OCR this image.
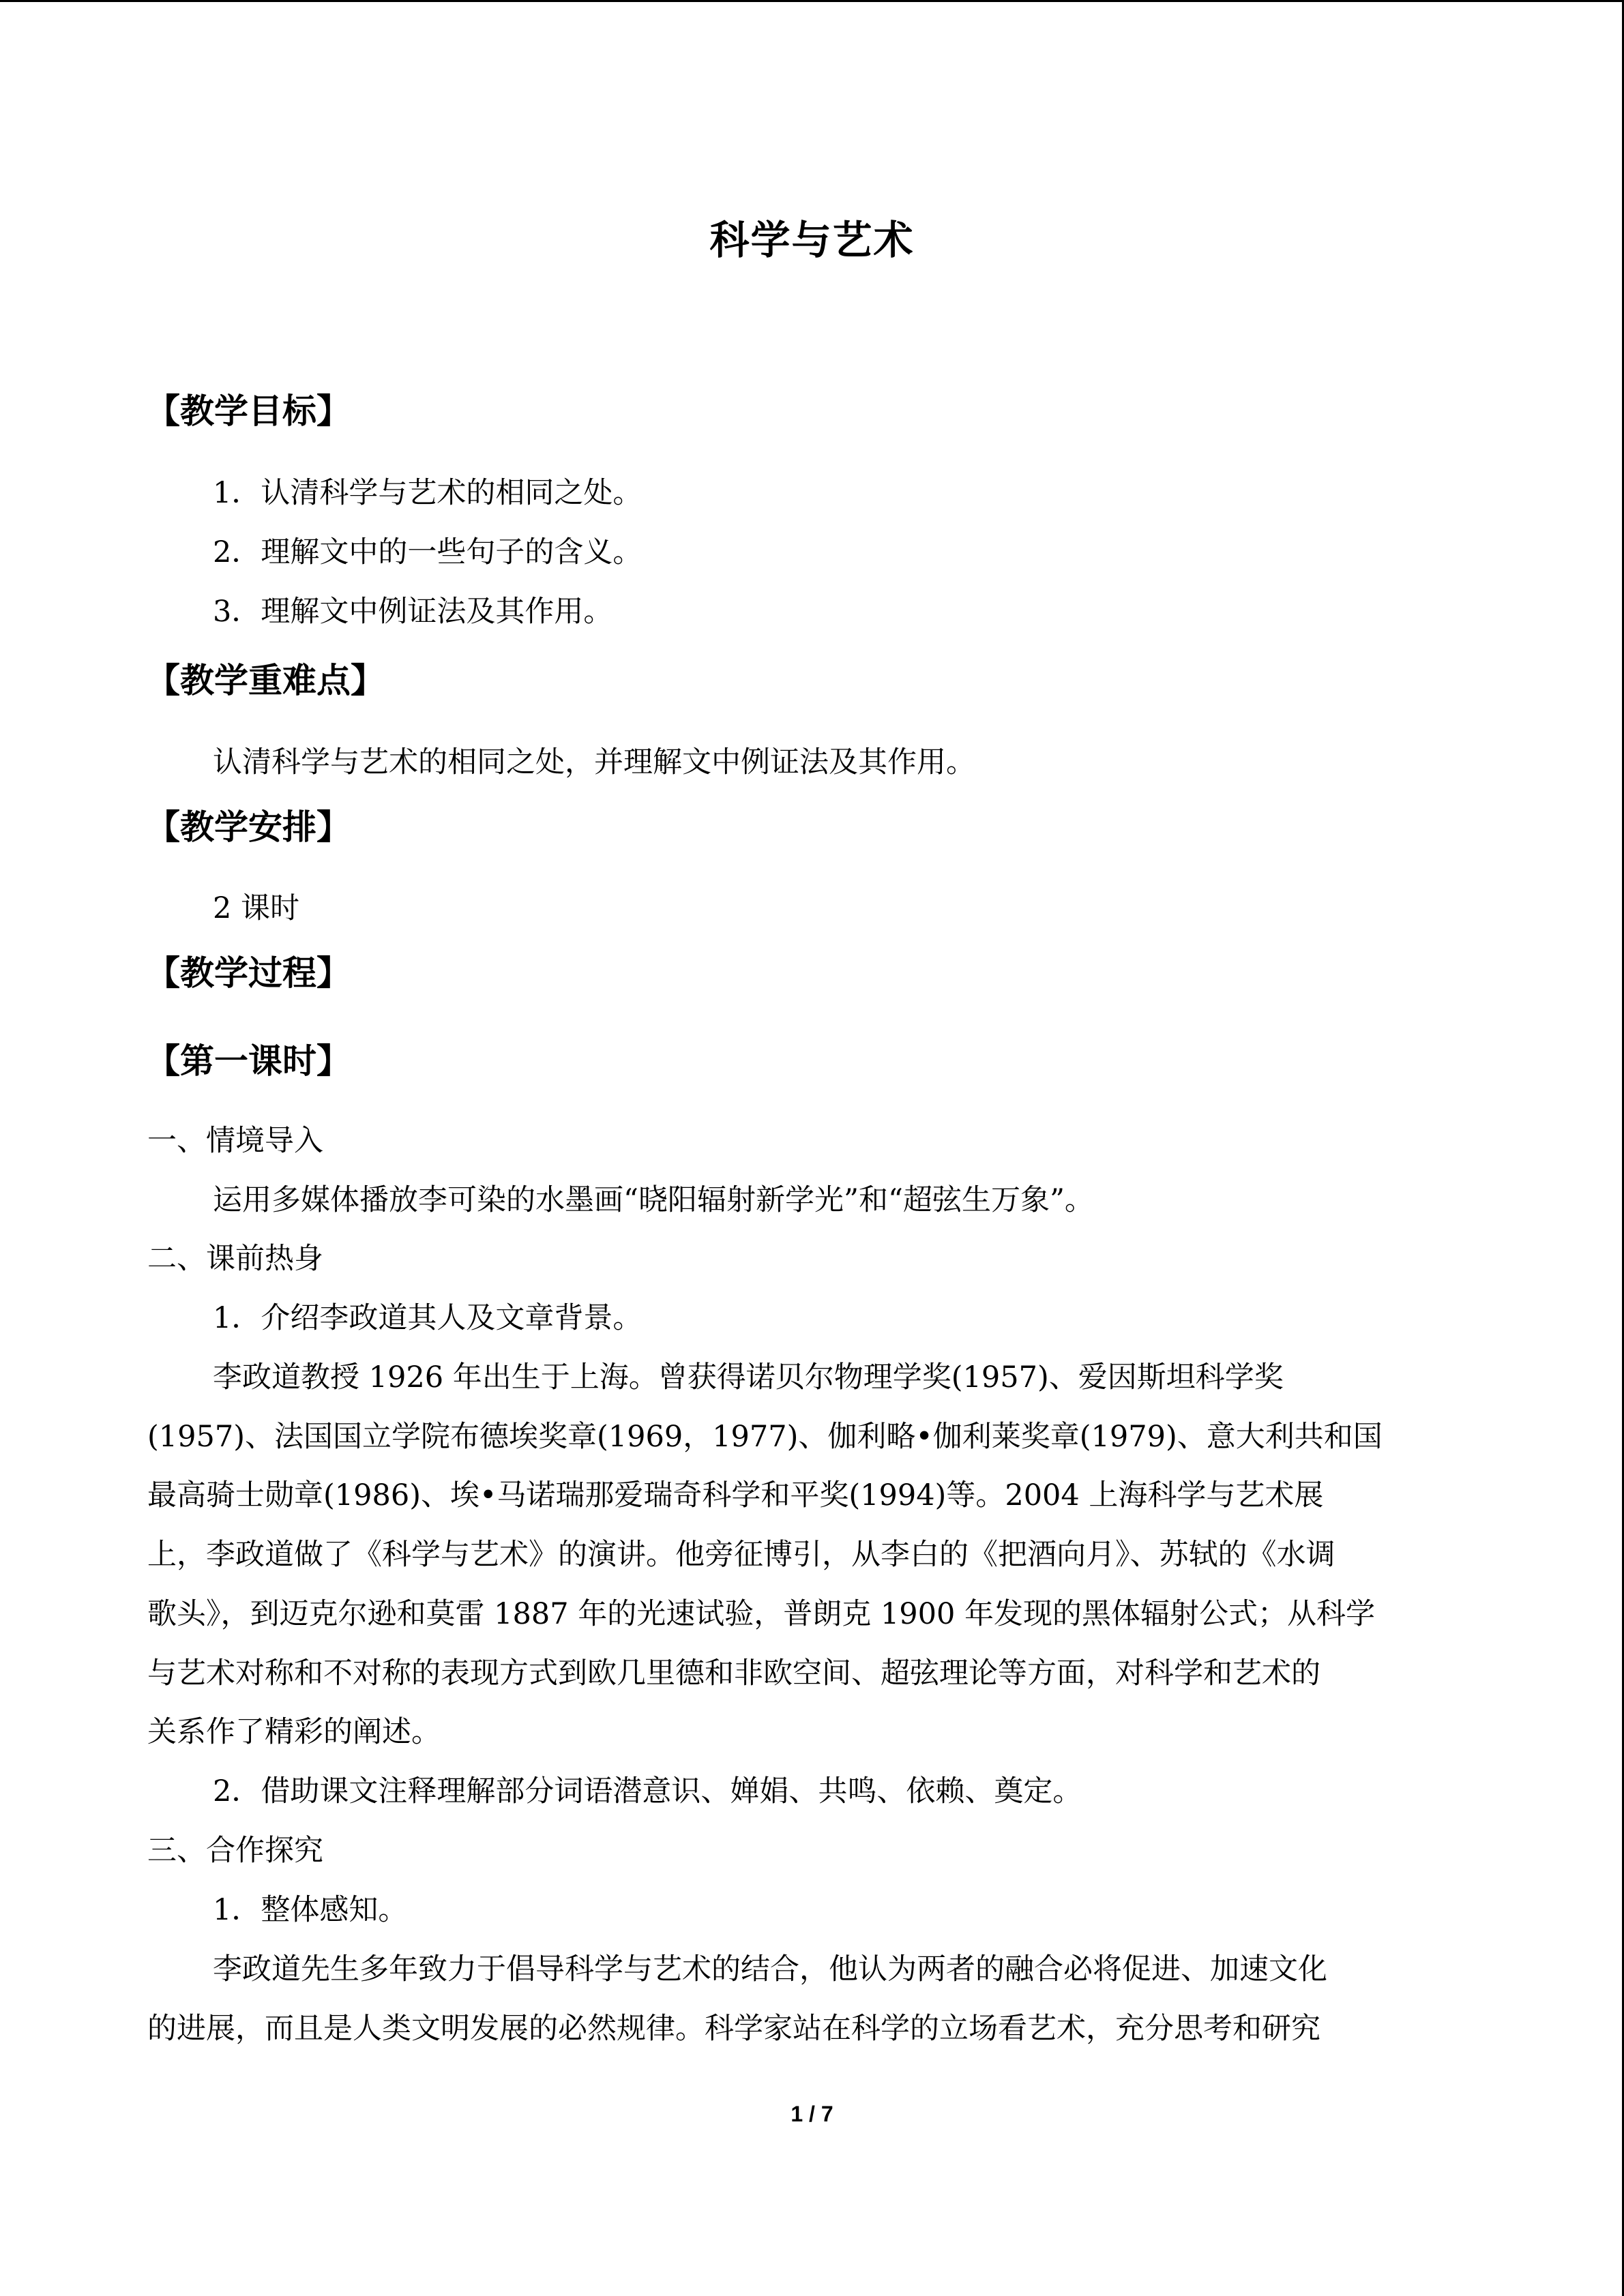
科学与艺术
【教学目标】
1．认清科学与艺术的相同之处。
2．理解文中的一些句子的含义。
3．理解文中例证法及其作用。
【教学重难点】
认清科学与艺术的相同之处，并理解文中例证法及其作用。
【教学安排】
2 课时
【教学过程】
【第一课时】
一、情境导入
运用多媒体播放李可染的水墨画“晓阳辐射新学光”和“超弦生万象”。
二、课前热身
1．介绍李政道其人及文章背景。
李政道教授 1926 年出生于上海。曾获得诺贝尔物理学奖(1957)、爱因斯坦科学奖
(1957)、法国国立学院布德埃奖章(1969，1977)、伽利略•伽利莱奖章(1979)、意大利共和国
最高骑士勋章(1986)、埃•马诺瑞那爱瑞奇科学和平奖(1994)等。2004 上海科学与艺术展
上，李政道做了《科学与艺术》的演讲。他旁征博引，从李白的《把酒向月》、苏轼的《水调
歌头》，到迈克尔逊和莫雷 1887 年的光速试验，普朗克 1900 年发现的黑体辐射公式；从科学
与艺术对称和不对称的表现方式到欧几里德和非欧空间、超弦理论等方面，对科学和艺术的
关系作了精彩的阐述。
2．借助课文注释理解部分词语潜意识、婵娟、共鸣、依赖、奠定。
三、合作探究
1．整体感知。
李政道先生多年致力于倡导科学与艺术的结合，他认为两者的融合必将促进、加速文化
的进展，而且是人类文明发展的必然规律。科学家站在科学的立场看艺术，充分思考和研究
1 / 7
